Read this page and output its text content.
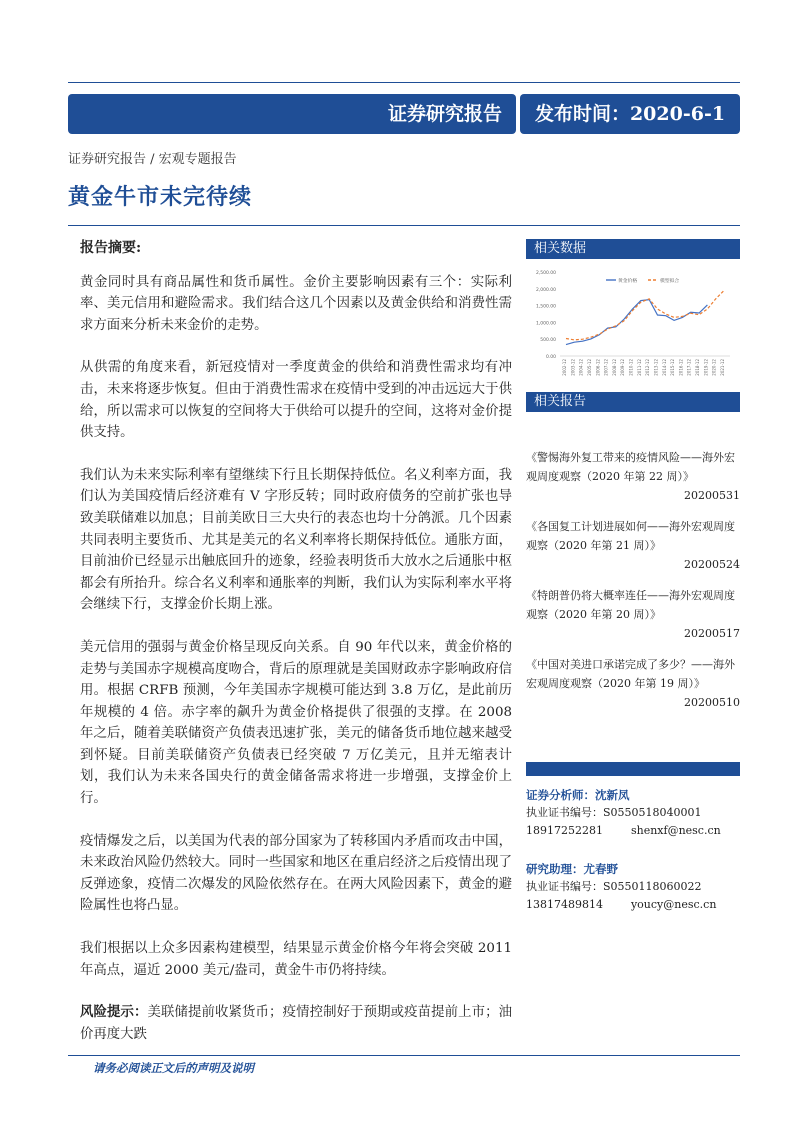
证券研究报告	发布时间：2020-6-1
证券研究报告 / 宏观专题报告
黄金牛市未完待续
报告摘要:

黄金同时具有商品属性和货币属性。金价主要影响因素有三个：实际利率、美元信用和避险需求。我们结合这几个因素以及黄金供给和消费性需求方面来分析未来金价的走势。

从供需的角度来看，新冠疫情对一季度黄金的供给和消费性需求均有冲击，未来将逐步恢复。但由于消费性需求在疫情中受到的冲击远远大于供给，所以需求可以恢复的空间将大于供给可以提升的空间，这将对金价提供支持。

我们认为未来实际利率有望继续下行且长期保持低位。名义利率方面，我们认为美国疫情后经济难有 V 字形反转；同时政府债务的空前扩张也导致美联储难以加息；目前美欧日三大央行的表态也均十分鸽派。几个因素共同表明主要货币、尤其是美元的名义利率将长期保持低位。通胀方面，目前油价已经显示出触底回升的迹象，经验表明货币大放水之后通胀中枢都会有所抬升。综合名义利率和通胀率的判断，我们认为实际利率水平将会继续下行，支撑金价长期上涨。

美元信用的强弱与黄金价格呈现反向关系。自 90 年代以来，黄金价格的走势与美国赤字规模高度吻合，背后的原理就是美国财政赤字影响政府信用。根据 CRFB 预测，今年美国赤字规模可能达到 3.8 万亿，是此前历年规模的 4 倍。赤字率的飙升为黄金价格提供了很强的支撑。在 2008 年之后，随着美联储资产负债表迅速扩张，美元的储备货币地位越来越受到怀疑。目前美联储资产负债表已经突破 7 万亿美元，且并无缩表计划，我们认为未来各国央行的黄金储备需求将进一步增强，支撑金价上行。

疫情爆发之后，以美国为代表的部分国家为了转移国内矛盾而攻击中国，未来政治风险仍然较大。同时一些国家和地区在重启经济之后疫情出现了反弹迹象，疫情二次爆发的风险依然存在。在两大风险因素下，黄金的避险属性也将凸显。

我们根据以上众多因素构建模型，结果显示黄金价格今年将会突破 2011 年高点，逼近 2000 美元/盎司，黄金牛市仍将持续。

风险提示：美联储提前收紧货币；疫情控制好于预期或疫苗提前上市；油价再度大跌

相关数据
2,500.00
2,000.00
1,500.00
1,000.00
500.00
0.00
2002-12 2003-12 2004-12 2005-12 2006-12 2007-12 2008-12 2009-12 2010-12 2011-12 2012-12 2013-12 2014-12 2015-12 2016-12 2017-12 2018-12 2019-12 2020-12 2021-12
黄金价格	模型拟合
相关报告
《警惕海外复工带来的疫情风险——海外宏观周度观察（2020 年第 22 周）》
20200531
《各国复工计划进展如何——海外宏观周度观察（2020 年第 21 周）》
20200524
《特朗普仍将大概率连任——海外宏观周度观察（2020 年第 20 周）》
20200517
《中国对美进口承诺完成了多少？——海外宏观周度观察（2020 年第 19 周）》
20200510
证券分析师：沈新凤
执业证书编号：S0550518040001
18917252281	shenxf@nesc.cn
研究助理：尤春野
执业证书编号：S0550118060022
13817489814	youcy@nesc.cn
请务必阅读正文后的声明及说明
